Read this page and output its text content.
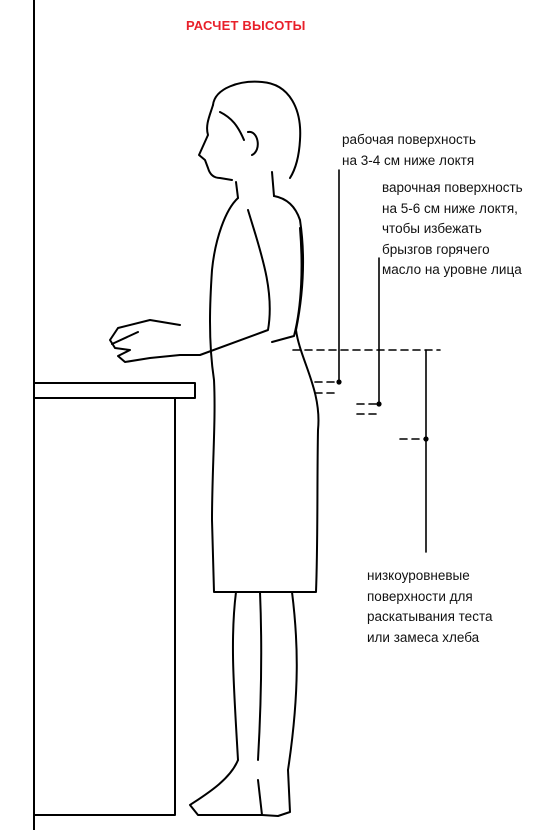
РАСЧЕТ ВЫСОТЫ
рабочая поверхность
на 3-4 см ниже локтя
варочная поверхность
на 5-6 см ниже локтя,
чтобы избежать
брызгов горячего
масло на уровне лица
низкоуровневые
поверхности для
раскатывания теста
или замеса хлеба
